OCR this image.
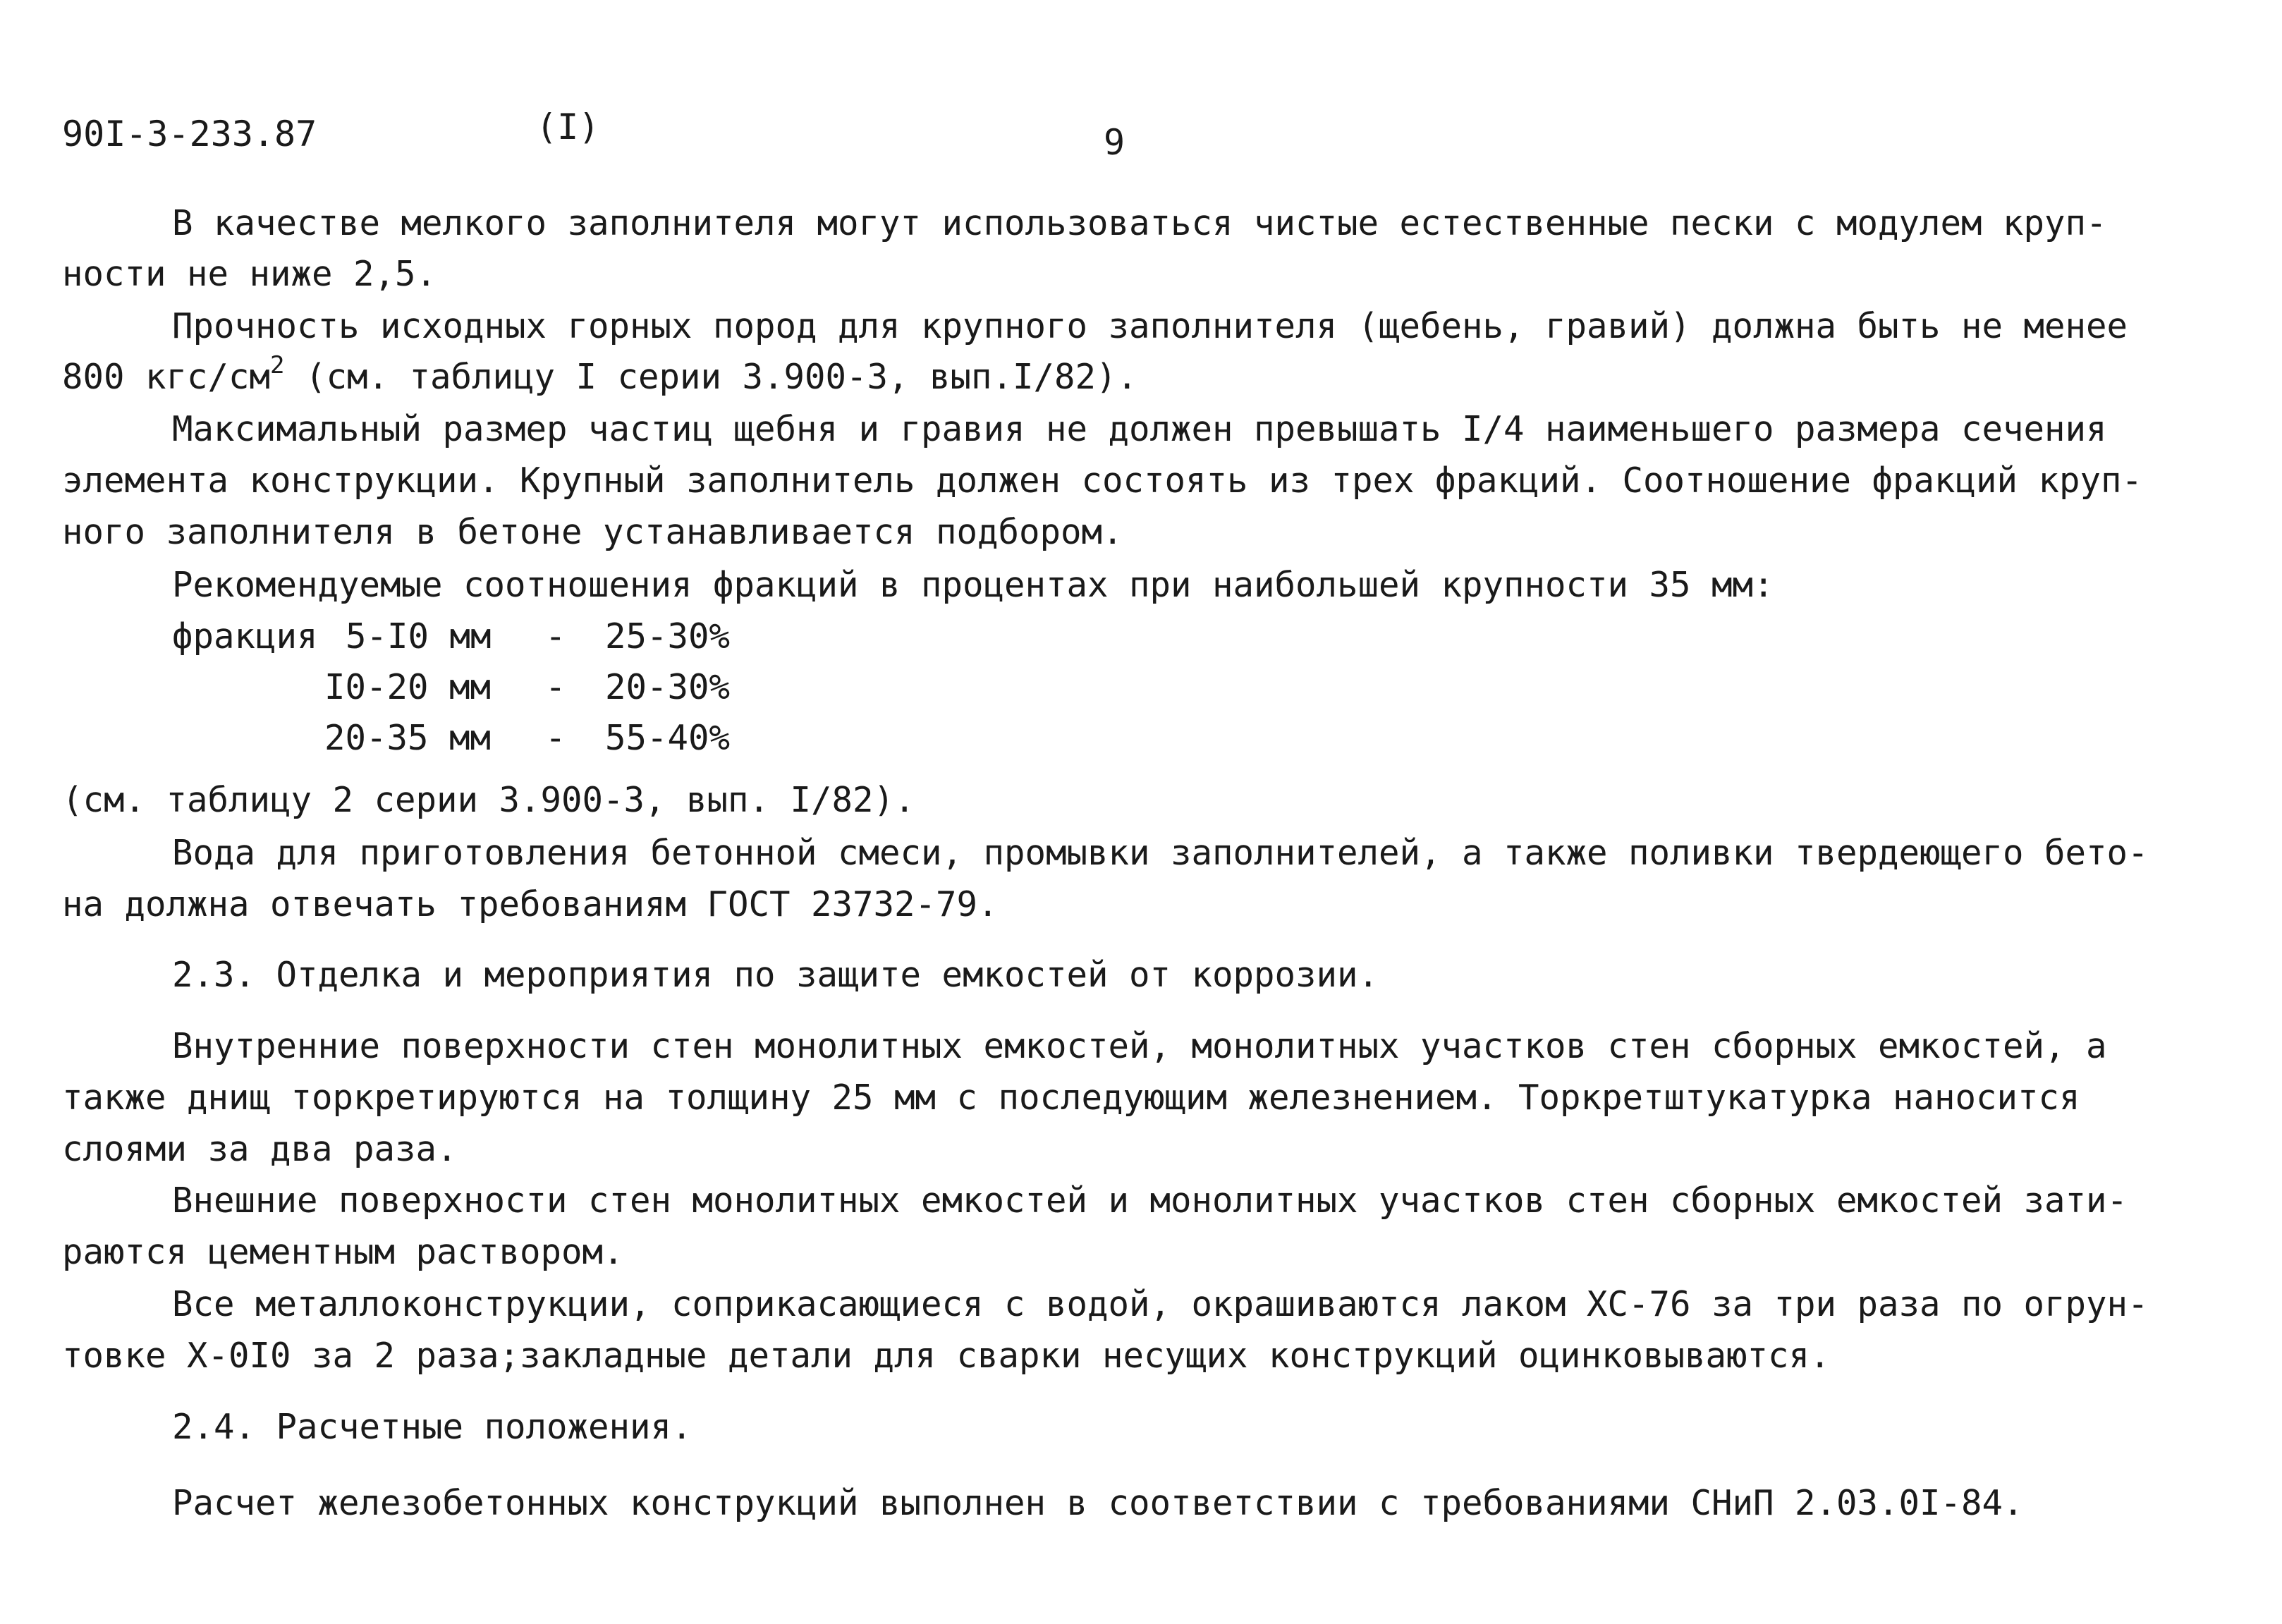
90I-3-233.87	(I)	9
В качестве мелкого заполнителя могут использоваться чистые естественные пески с модулем круп-
ности не ниже 2,5.
Прочность исходных горных пород для крупного заполнителя (щебень, гравий) должна быть не менее
800 кгс/$см^2$ (см. таблицу I серии 3.900-3, вып.I/82).
Максимальный размер частиц щебня и гравия не должен превышать I/4 наименьшего размера сечения
элемента конструкции. Крупный заполнитель должен состоять из трех фракций. Соотношение фракций круп-
ного заполнителя в бетоне устанавливается подбором.
Рекомендуемые соотношения фракций в процентах при наибольшей крупности 35 мм:
фракция 5-I0 мм - 25-30%
I0-20 мм - 20-30%
20-35 мм - 55-40%
(см. таблицу 2 серии 3.900-3, вып. I/82).
Вода для приготовления бетонной смеси, промывки заполнителей, а также поливки твердеющего бето-
на должна отвечать требованиям ГОСТ 23732-79.
2.3. Отделка и мероприятия по защите емкостей от коррозии.
Внутренние поверхности стен монолитных емкостей, монолитных участков стен сборных емкостей, а
также днищ торкретируются на толщину 25 мм с последующим железнением. Торкретштукатурка наносится
слоями за два раза.
Внешние поверхности стен монолитных емкостей и монолитных участков стен сборных емкостей зати-
раются цементным раствором.
Все металлоконструкции, соприкасающиеся с водой, окрашиваются лаком ХС-76 за три раза по огрун-
товке Х-0I0 за 2 раза;закладные детали для сварки несущих конструкций оцинковываются.
2.4. Расчетные положения.
Расчет железобетонных конструкций выполнен в соответствии с требованиями СНиП 2.03.0I-84.
